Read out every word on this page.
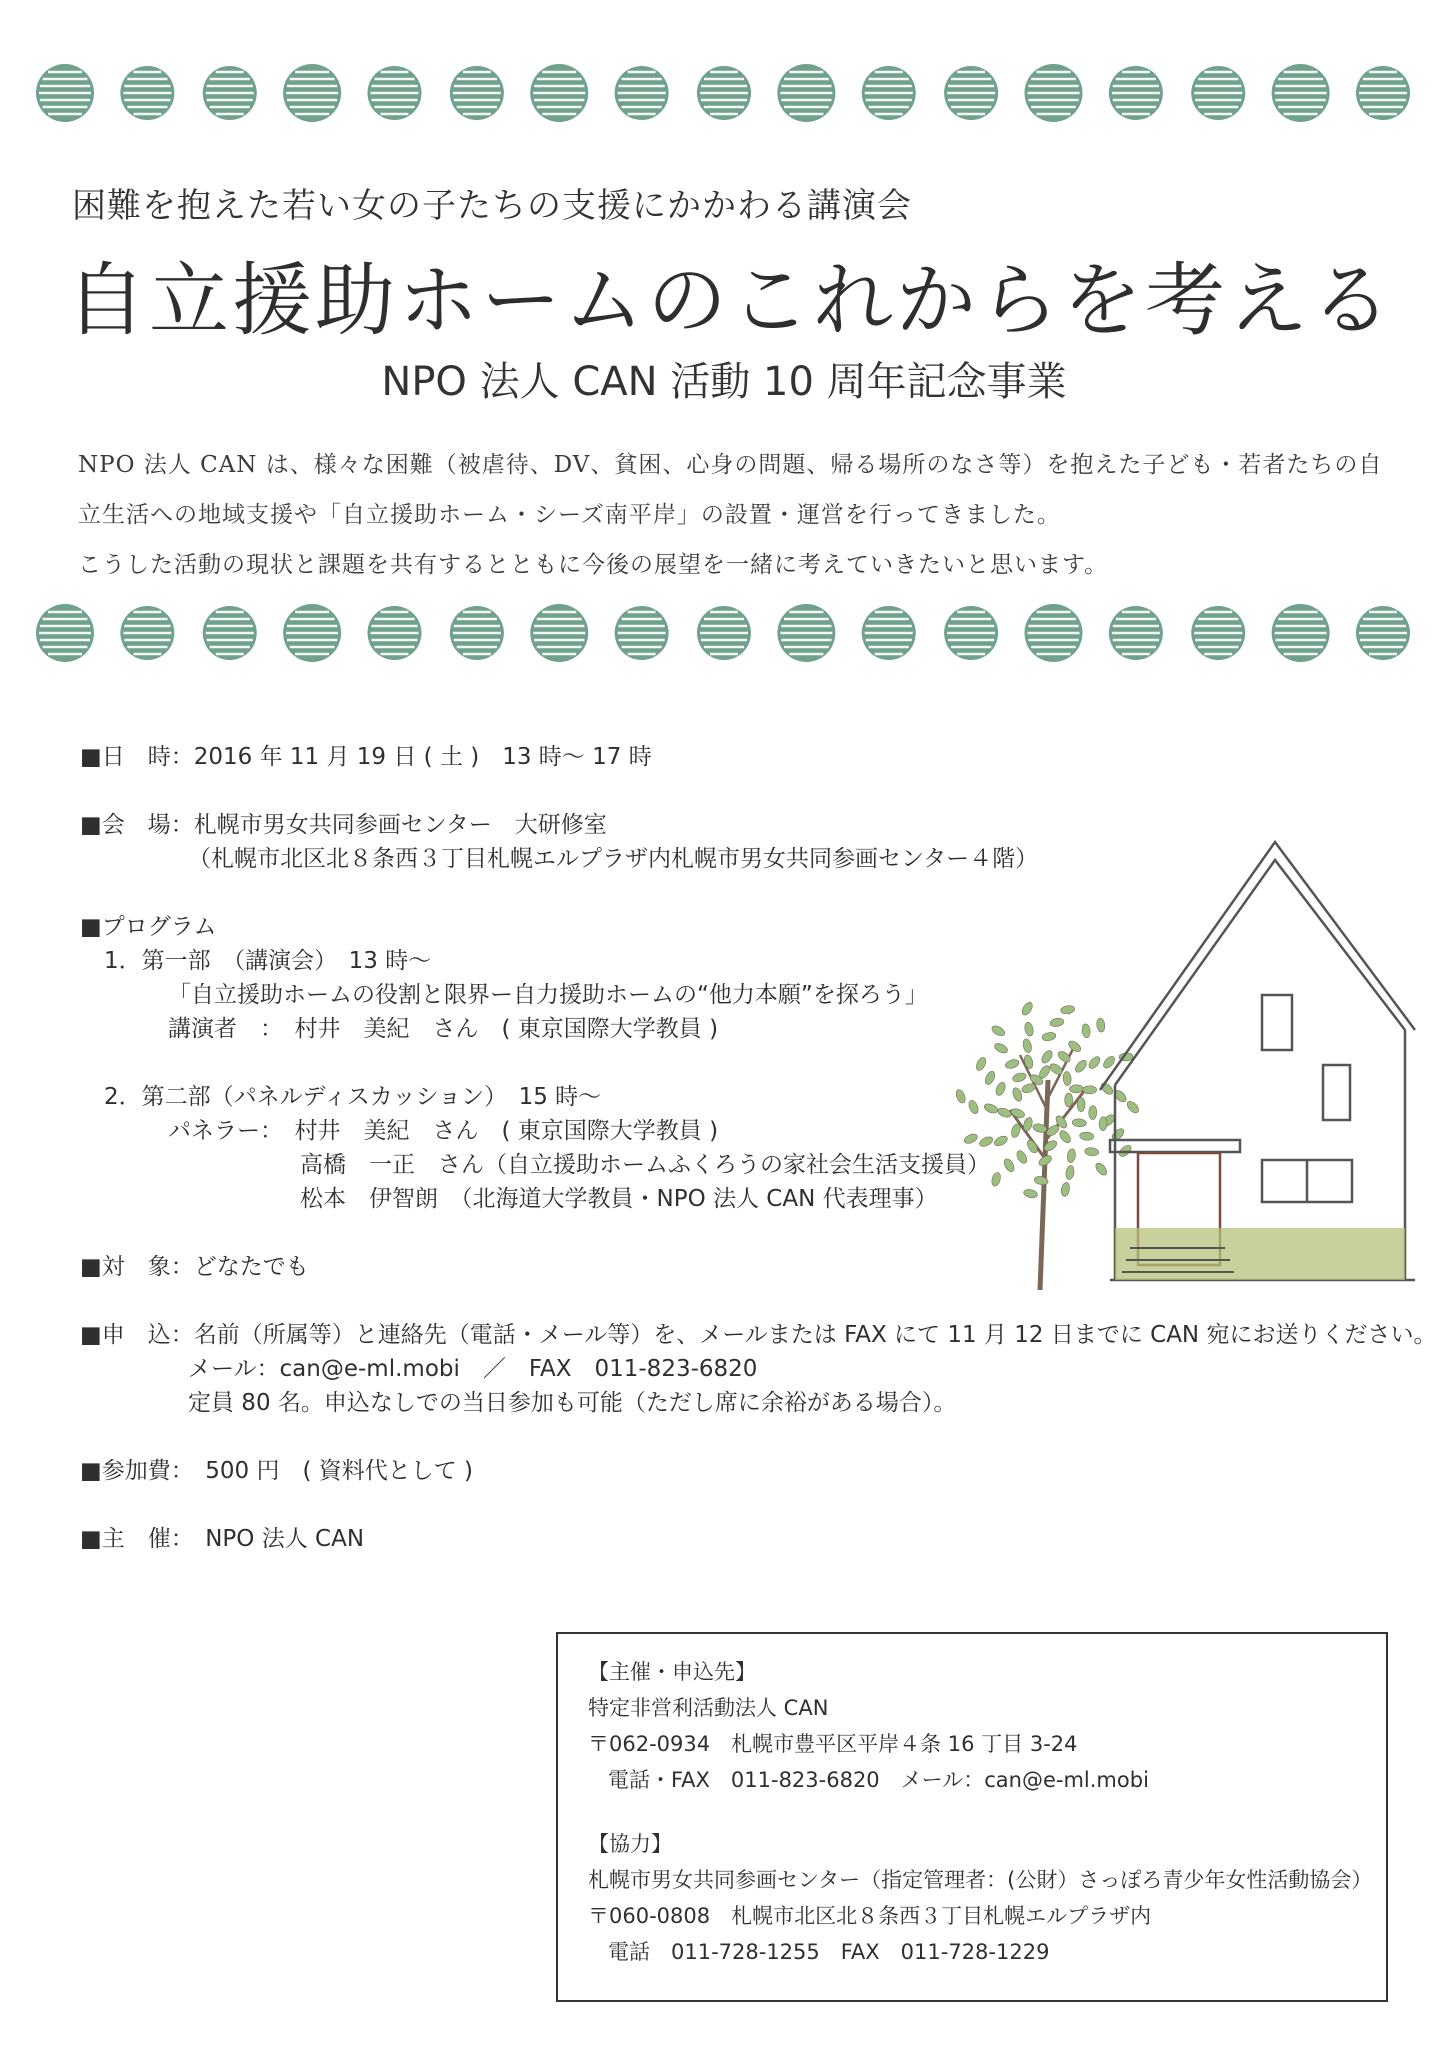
困難を抱えた若い女の子たちの支援にかかわる講演会
自立援助ホームのこれからを考える
NPO 法人 CAN 活動 10 周年記念事業

NPO 法人 CAN は、様々な困難（被虐待、DV、貧困、心身の問題、帰る場所のなさ等）を抱えた子ども・若者たちの自

立生活への地域支援や「自立援助ホーム・シーズ南平岸」の設置・運営を行ってきました。

こうした活動の現状と課題を共有するとともに今後の展望を一緒に考えていきたいと思います。

■日　時：2016 年 11 月 19 日 ( 土 )　13 時〜 17 時
■会　場：札幌市男女共同参画センター　大研修室
（札幌市北区北８条西３丁目札幌エルプラザ内札幌市男女共同参画センター４階）
■プログラム
1．第一部　（講演会）　13 時〜
「自立援助ホームの役割と限界ー自力援助ホームの“他力本願”を探ろう」
講演者　：　村井　美紀　さん　( 東京国際大学教員 )
2．第二部（パネルディスカッション）　15 時〜
パネラー：　村井　美紀　さん　( 東京国際大学教員 )
高橋　一正　さん（自立援助ホームふくろうの家社会生活支援員）
松本　伊智朗　（北海道大学教員・NPO 法人 CAN 代表理事）
■対　象：どなたでも
■申　込：名前（所属等）と連絡先（電話・メール等）を、メールまたは FAX にて 11 月 12 日までに CAN 宛にお送りください。
メール：can@e-ml.mobi　／　FAX　011-823-6820
定員 80 名。申込なしでの当日参加も可能（ただし席に余裕がある場合）。
■参加費：　500 円　( 資料代として )
■主　催：　NPO 法人 CAN
【主催・申込先】
特定非営利活動法人 CAN
〒062-0934　札幌市豊平区平岸４条 16 丁目 3-24
電話・FAX　011-823-6820　メール：can@e-ml.mobi
【協力】
札幌市男女共同参画センター（指定管理者：(公財）さっぽろ青少年女性活動協会）
〒060-0808　札幌市北区北８条西３丁目札幌エルプラザ内
電話　011-728-1255　FAX　011-728-1229
